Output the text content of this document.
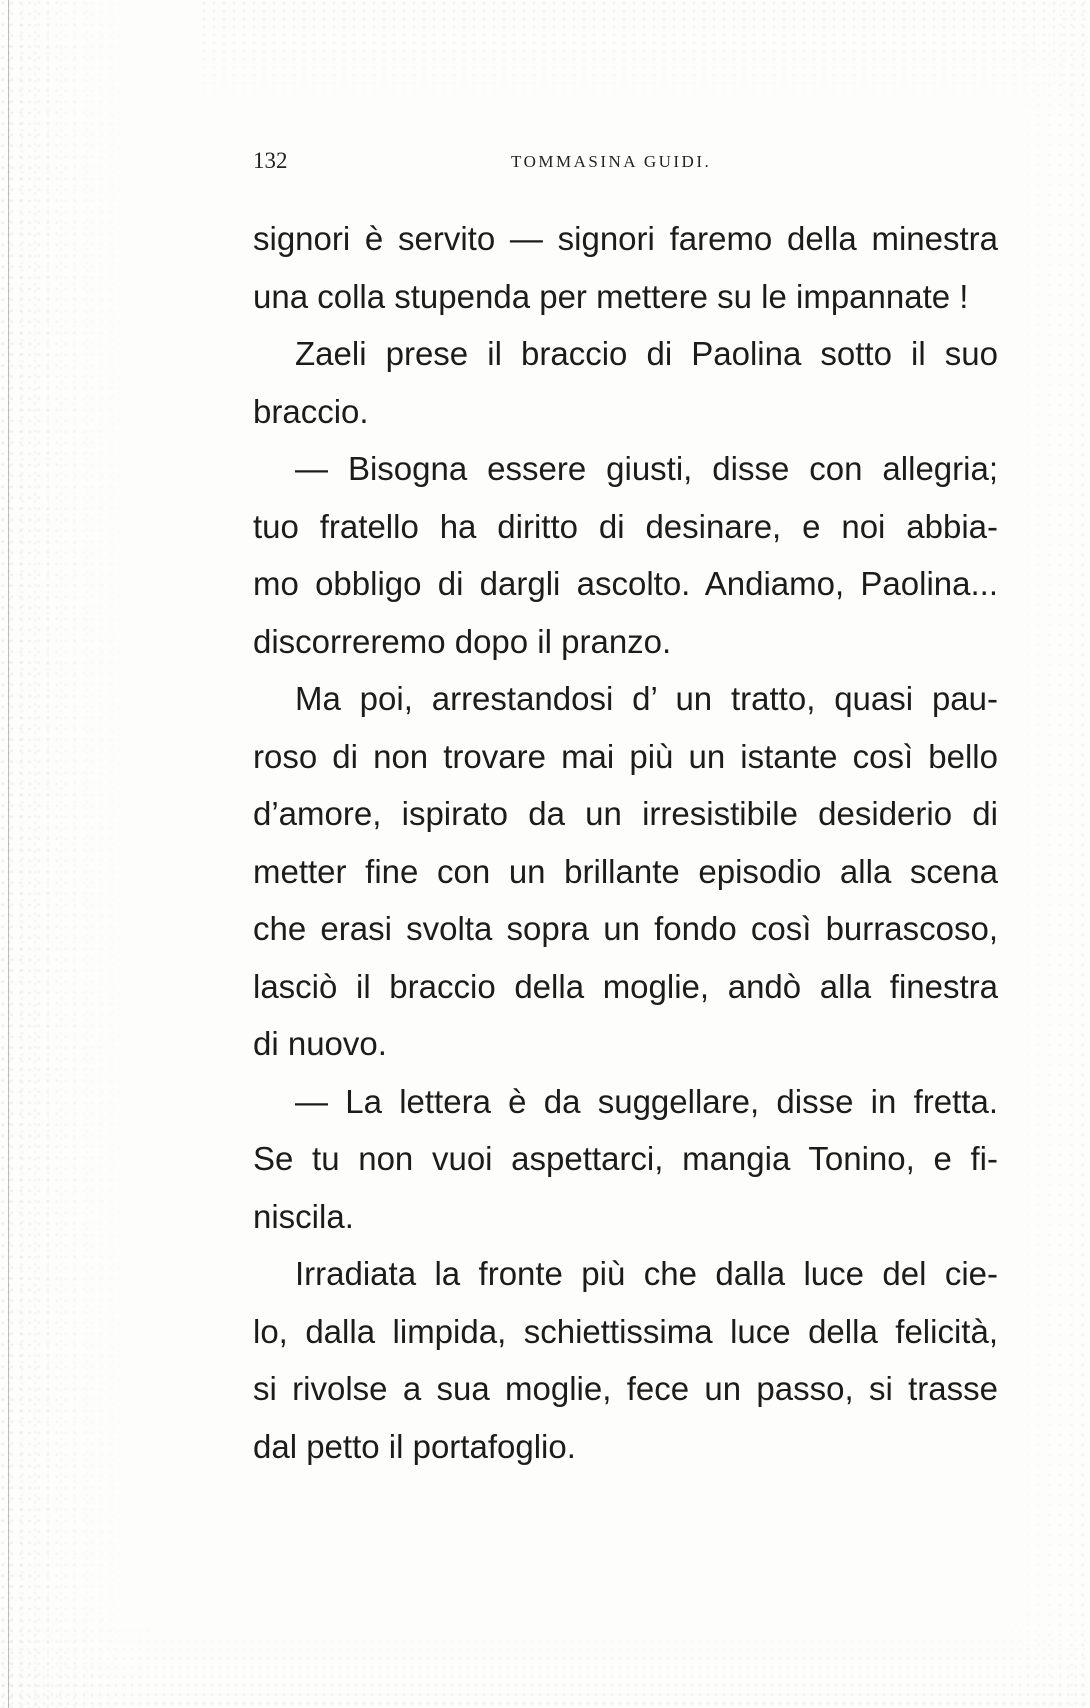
132	TOMMASINA GUIDI.
signori è servito — signori faremo della minestra
una colla stupenda per mettere su le impannate !
Zaeli prese il braccio di Paolina sotto il suo
braccio.
— Bisogna essere giusti, disse con allegria;
tuo fratello ha diritto di desinare, e noi abbia-
mo obbligo di dargli ascolto. Andiamo, Paolina...
discorreremo dopo il pranzo.
Ma poi, arrestandosi d’ un tratto, quasi pau-
roso di non trovare mai più un istante così bello
d’amore, ispirato da un irresistibile desiderio di
metter fine con un brillante episodio alla scena
che erasi svolta sopra un fondo così burrascoso,
lasciò il braccio della moglie, andò alla finestra
di nuovo.
— La lettera è da suggellare, disse in fretta.
Se tu non vuoi aspettarci, mangia Tonino, e fi-
niscila.
Irradiata la fronte più che dalla luce del cie-
lo, dalla limpida, schiettissima luce della felicità,
si rivolse a sua moglie, fece un passo, si trasse
dal petto il portafoglio.
